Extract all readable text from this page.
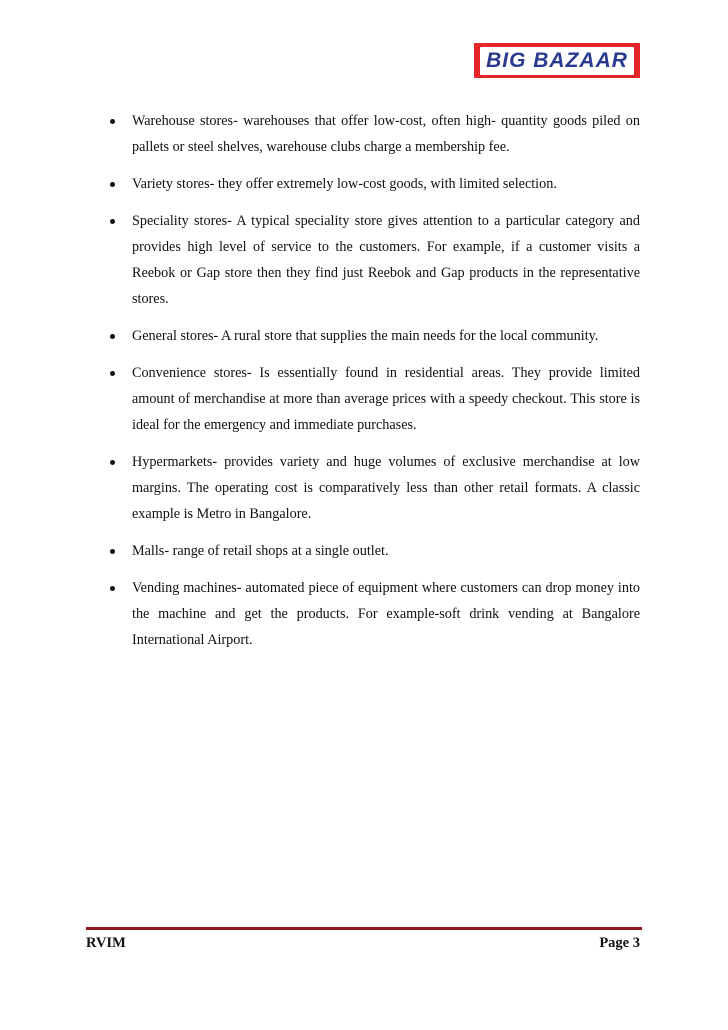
BIG BAZAAR
Warehouse stores- warehouses that offer low-cost, often high- quantity goods piled on pallets or steel shelves, warehouse clubs charge a membership fee.
Variety stores- they offer extremely low-cost goods, with limited selection.
Speciality stores- A typical speciality store gives attention to a particular category and provides high level of service to the customers. For example, if a customer visits a Reebok or Gap store then they find just Reebok and Gap products in the representative stores.
General stores- A rural store that supplies the main needs for the local community.
Convenience stores- Is essentially found in residential areas. They provide limited amount of merchandise at more than average prices with a speedy checkout. This store is ideal for the emergency and immediate purchases.
Hypermarkets- provides variety and huge volumes of exclusive merchandise at low margins. The operating cost is comparatively less than other retail formats. A classic example is Metro in Bangalore.
Malls- range of retail shops at a single outlet.
Vending machines- automated piece of equipment where customers can drop money into the machine and get the products. For example-soft drink vending at Bangalore International Airport.
RVIM	Page 3
